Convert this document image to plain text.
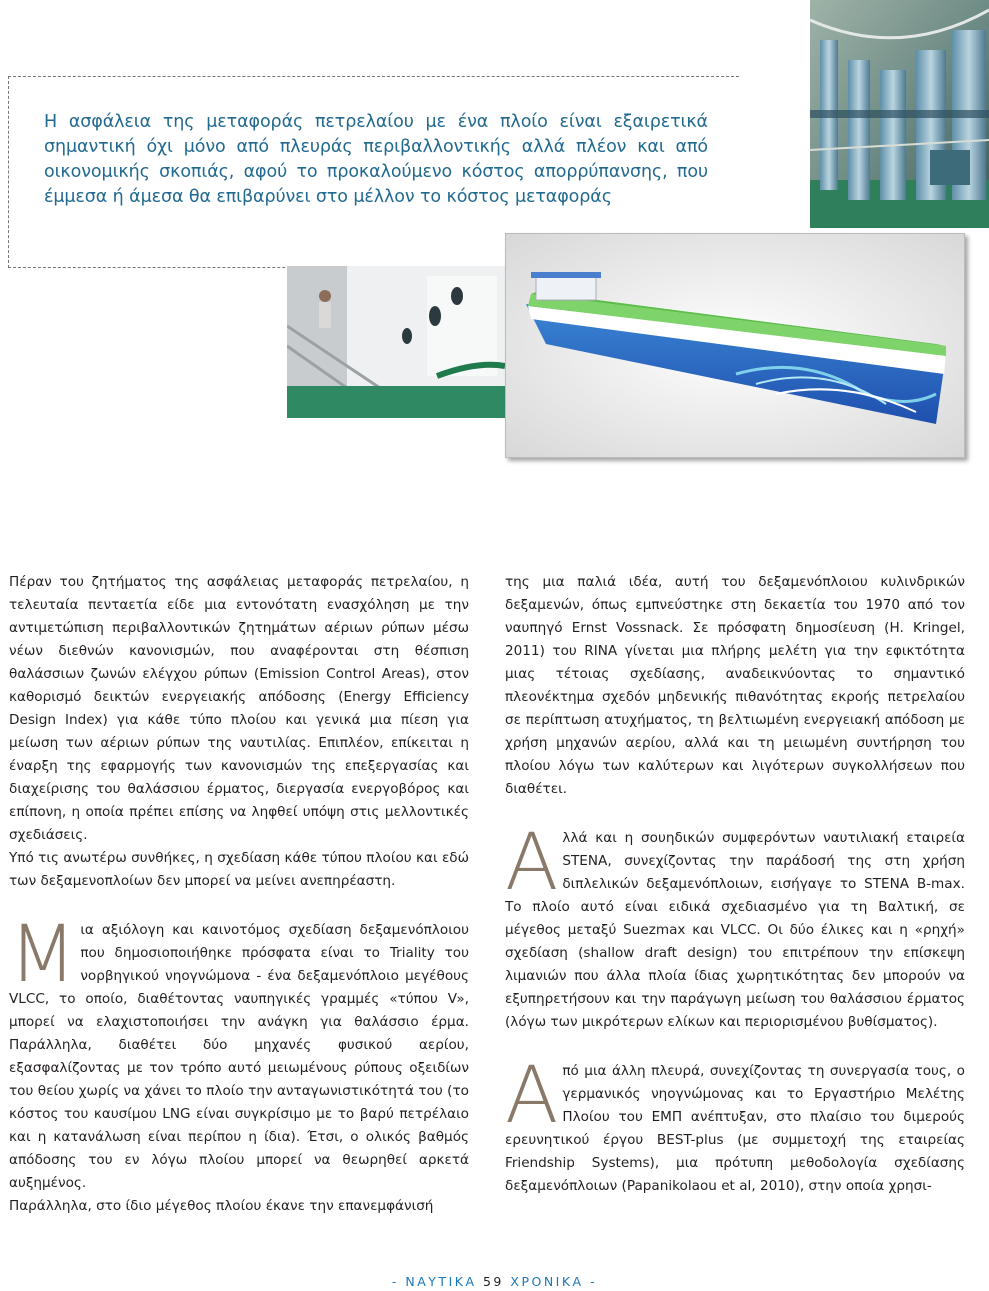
Η ασφάλεια της μεταφοράς πετρελαίου με ένα πλοίο είναι εξαιρετικά σημαντική όχι μόνο από πλευράς περιβαλλοντικής αλλά πλέον και από οικονομικής σκοπιάς, αφού το προκαλούμενο κόστος απορρύπανσης, που έμμεσα ή άμεσα θα επιβαρύνει στο μέλλον το κόστος μεταφοράς

Πέραν του ζητήματος της ασφάλειας μεταφοράς πετρελαίου, η τελευταία πενταετία είδε μια εντονότατη ενασχόληση με την αντιμετώπιση περιβαλλοντικών ζητημάτων αέριων ρύπων μέσω νέων διεθνών κανονισμών, που αναφέρονται στη θέσπιση θαλάσσιων ζωνών ελέγχου ρύπων (Emission Control Areas), στον καθορισμό δεικτών ενεργειακής απόδοσης (Energy Efficiency Design Index) για κάθε τύπο πλοίου και γενικά μια πίεση για μείωση των αέριων ρύπων της ναυτιλίας. Επιπλέον, επίκειται η έναρξη της εφαρμογής των κανονισμών της επεξεργασίας και διαχείρισης του θαλάσσιου έρματος, διεργασία ενεργοβόρος και επίπονη, η οποία πρέπει επίσης να ληφθεί υπόψη στις μελλοντικές σχεδιάσεις.

Υπό τις ανωτέρω συνθήκες, η σχεδίαση κάθε τύπου πλοίου και εδώ των δεξαμενοπλοίων δεν μπορεί να μείνει ανεπηρέαστη.

Μια αξιόλογη και καινοτόμος σχεδίαση δεξαμενόπλοιου που δημοσιοποιήθηκε πρόσφατα είναι το Triality του νορβηγικού νηογνώμονα - ένα δεξαμενόπλοιο μεγέθους VLCC, το οποίο, διαθέτοντας ναυπηγικές γραμμές «τύπου V», μπορεί να ελαχιστοποιήσει την ανάγκη για θαλάσσιο έρμα. Παράλληλα, διαθέτει δύο μηχανές φυσικού αερίου, εξασφαλίζοντας με τον τρόπο αυτό μειωμένους ρύπους οξειδίων του θείου χωρίς να χάνει το πλοίο την ανταγωνιστικότητά του (το κόστος του καυσίμου LNG είναι συγκρίσιμο με το βαρύ πετρέλαιο και η κατανάλωση είναι περίπου η ίδια). Έτσι, ο ολικός βαθμός απόδοσης του εν λόγω πλοίου μπορεί να θεωρηθεί αρκετά αυξημένος.

Παράλληλα, στο ίδιο μέγεθος πλοίου έκανε την επανεμφάνισή

της μια παλιά ιδέα, αυτή του δεξαμενόπλοιου κυλινδρικών δεξαμενών, όπως εμπνεύστηκε στη δεκαετία του 1970 από τον ναυπηγό Ernst Vossnack. Σε πρόσφατη δημοσίευση (H. Kringel, 2011) του RINA γίνεται μια πλήρης μελέτη για την εφικτότητα μιας τέτοιας σχεδίασης, αναδεικνύοντας το σημαντικό πλεονέκτημα σχεδόν μηδενικής πιθανότητας εκροής πετρελαίου σε περίπτωση ατυχήματος, τη βελτιωμένη ενεργειακή απόδοση με χρήση μηχανών αερίου, αλλά και τη μειωμένη συντήρηση του πλοίου λόγω των καλύτερων και λιγότερων συγκολλήσεων που διαθέτει.

Αλλά και η σουηδικών συμφερόντων ναυτιλιακή εταιρεία STENA, συνεχίζοντας την παράδοσή της στη χρήση διπλελικών δεξαμενόπλοιων, εισήγαγε το STENA B-max. Το πλοίο αυτό είναι ειδικά σχεδιασμένο για τη Βαλτική, σε μέγεθος μεταξύ Suezmax και VLCC. Οι δύο έλικες και η «ρηχή» σχεδίαση (shallow draft design) του επιτρέπουν την επίσκεψη λιμανιών που άλλα πλοία ίδιας χωρητικότητας δεν μπορούν να εξυπηρετήσουν και την παράγωγη μείωση του θαλάσσιου έρματος (λόγω των μικρότερων ελίκων και περιορισμένου βυθίσματος).

Από μια άλλη πλευρά, συνεχίζοντας τη συνεργασία τους, ο γερμανικός νηογνώμονας και το Εργαστήριο Μελέτης Πλοίου του ΕΜΠ ανέπτυξαν, στο πλαίσιο του διμερούς ερευνητικού έργου BEST-plus (με συμμετοχή της εταιρείας Friendship Systems), μια πρότυπη μεθοδολογία σχεδίασης δεξαμενόπλοιων (Papanikolaou et al, 2010), στην οποία χρησι-

- ΝΑΥΤΙΚΑ 59 ΧΡΟΝΙΚΑ -
